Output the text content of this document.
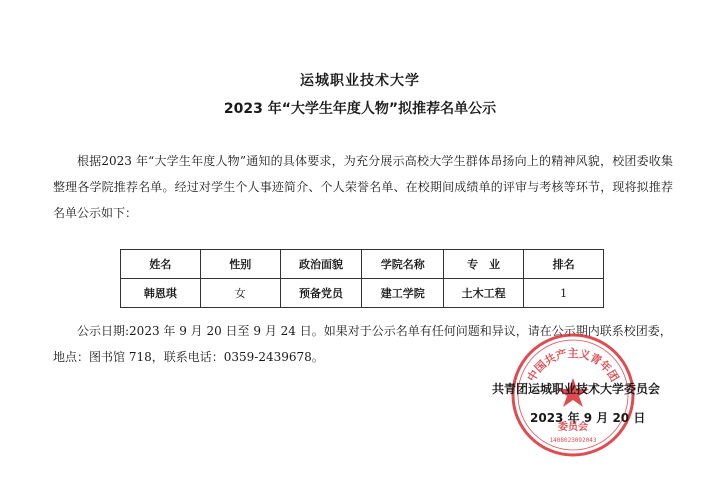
运城职业技术大学
2023 年“大学生年度人物”拟推荐名单公示
根据2023 年“大学生年度人物”通知的具体要求，为充分展示高校大学生群体昂扬向上的精神风貌，校团委收集整理各学院推荐名单。经过对学生个人事迹简介、个人荣誉名单、在校期间成绩单的评审与考核等环节，现将拟推荐名单公示如下：
姓名	性别	政治面貌	学院名称	专　业	排名
韩恩琪	女	预备党员	建工学院	土木工程	1
公示日期:2023 年 9 月 20 日至 9 月 24 日。如果对于公示名单有任何问题和异议，请在公示期内联系校团委，地点：图书馆 718，联系电话：0359-2439678。
中国共产主义青年团
委员会
1408023092043
共青团运城职业技术大学委员会
2023 年 9 月 20 日
